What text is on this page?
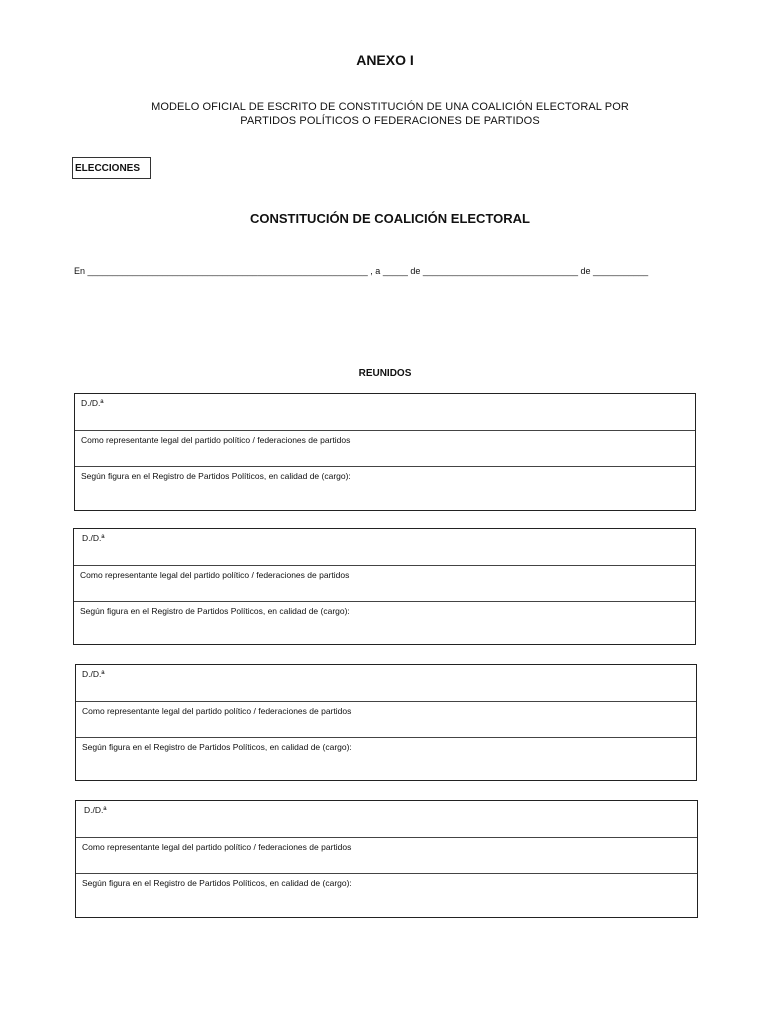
ANEXO I
MODELO OFICIAL DE ESCRITO DE CONSTITUCIÓN DE UNA COALICIÓN ELECTORAL POR
PARTIDOS POLÍTICOS O FEDERACIONES DE PARTIDOS
ELECCIONES
CONSTITUCIÓN DE COALICIÓN ELECTORAL
En ________________________________________________________ , a _____ de _______________________________ de ___________
REUNIDOS
D./D.ª
Como representante legal del partido político / federaciones de partidos
Según figura en el Registro de Partidos Políticos, en calidad de (cargo):
D./D.ª
Como representante legal del partido político / federaciones de partidos
Según figura en el Registro de Partidos Políticos, en calidad de (cargo):
D./D.ª
Como representante legal del partido político / federaciones de partidos
Según figura en el Registro de Partidos Políticos, en calidad de (cargo):
D./D.ª
Como representante legal del partido político / federaciones de partidos
Según figura en el Registro de Partidos Políticos, en calidad de (cargo):
